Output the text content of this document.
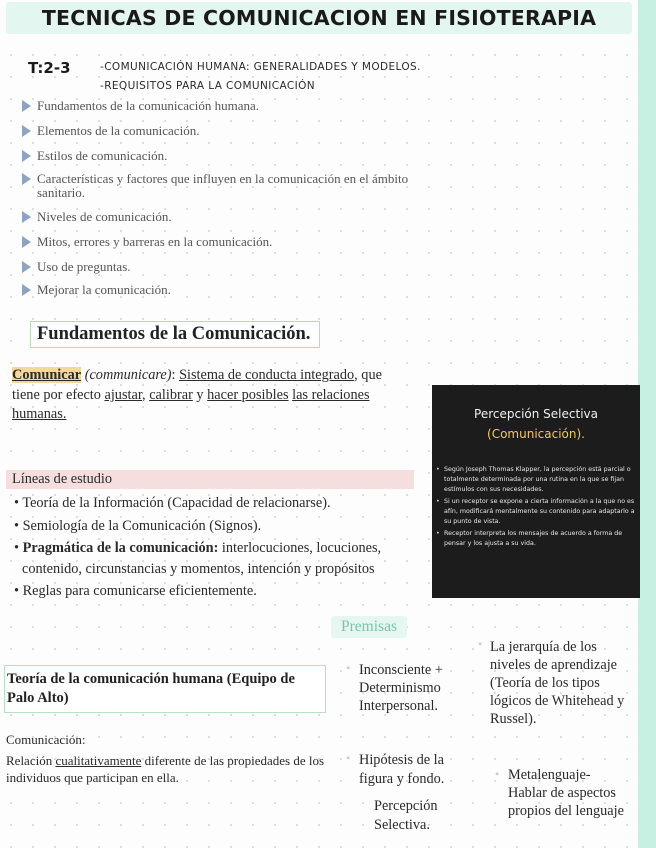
TECNICAS DE COMUNICACION EN FISIOTERAPIA
T:2-3	-COMUNICACIÓN HUMANA: GENERALIDADES Y MODELOS.
-REQUISITOS PARA LA COMUNICACIÓN
Fundamentos de la comunicación humana.
Elementos de la comunicación.
Estilos de comunicación.
Características y factores que influyen en la comunicación en el ámbito sanitario.
Niveles de comunicación.
Mitos, errores y barreras en la comunicación.
Uso de preguntas.
Mejorar la comunicación.
Fundamentos de la Comunicación.
Comunicar (communicare): Sistema de conducta integrado, que
tiene por efecto ajustar, calibrar y hacer posibles las relaciones
humanas.
Líneas de estudio
• Teoría de la Información (Capacidad de relacionarse).
• Semiología de la Comunicación (Signos).
• Pragmática de la comunicación: interlocuciones, locuciones,
contenido, circunstancias y momentos, intención y propósitos
• Reglas para comunicarse eficientemente.
Percepción Selectiva
(Comunicación).
• Según Joseph Thomas Klapper, la percepción está parcial o totalmente determinada por una rutina en la que se fijan estímulos con sus necesidades.
• Si un receptor se expone a cierta información a la que no es afín, modificará mentalmente su contenido para adaptarlo a su punto de vista.
• Receptor interpreta los mensajes de acuerdo a forma de pensar y los ajusta a su vida.
Premisas
• Inconsciente + Determinismo Interpersonal.
• La jerarquía de los niveles de aprendizaje (Teoría de los tipos lógicos de Whitehead y Russel).
Teoría de la comunicación humana (Equipo de Palo Alto)
Comunicación:
Relación cualitativamente diferente de las propiedades de los individuos que participan en ella.
• Hipótesis de la figura y fondo.
Percepción Selectiva.
• Metalenguaje- Hablar de aspectos propios del lenguaje
